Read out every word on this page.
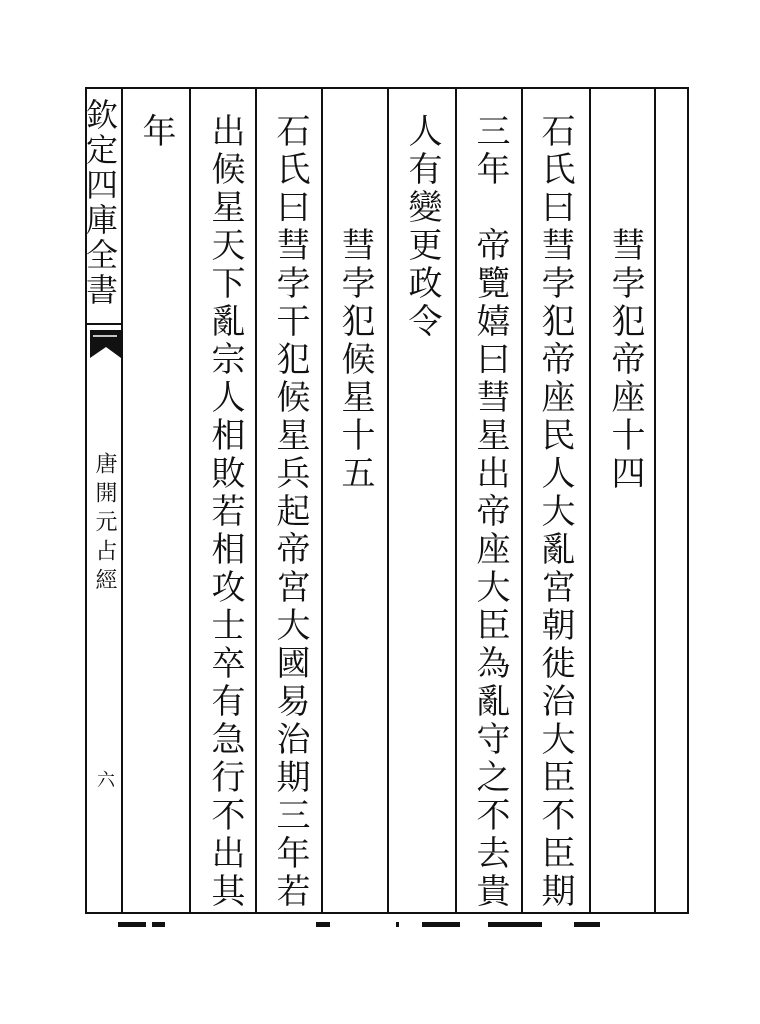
欽定四庫全書
唐開元占經
六
彗孛犯帝座十四
石氏曰彗孛犯帝座民人大亂宮朝徙治大臣不臣期
三年
帝覽嬉曰彗星出帝座大臣為亂守之不去貴
人有變更政令
彗孛犯候星十五
石氏曰彗孛干犯候星兵起帝宮大國易治期三年若
出候星天下亂宗人相敗若相攻士卒有急行不出其
年
